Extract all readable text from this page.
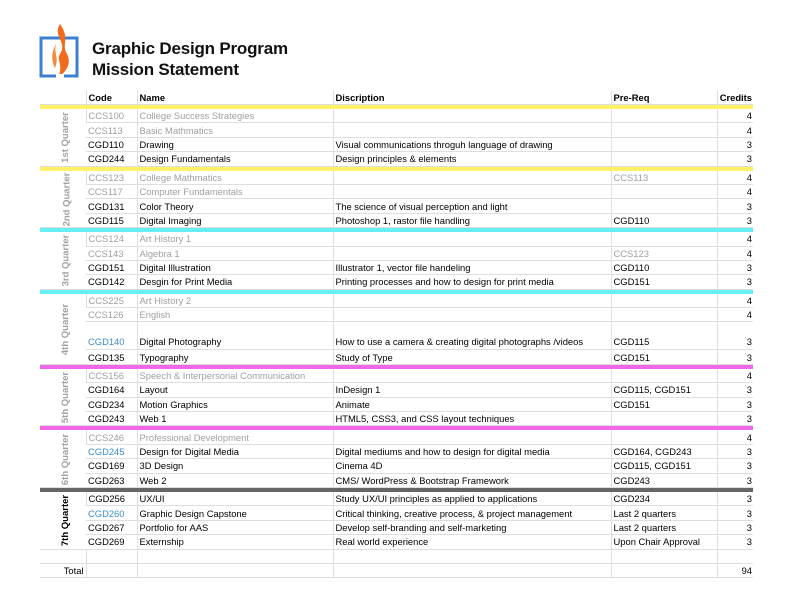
Graphic Design Program
Mission Statement
	Code	Name	Discription	Pre-Req	Credits

1st Quarter	CCS100	College Success Strategies			4
	CCS113	Basic Mathmatics			4
	CGD110	Drawing	Visual communications throguh language of drawing		3
	CGD244	Design Fundamentals	Design principles & elements		3

2nd Quarter	CCS123	College Mathmatics		CCS113	4
	CCS117	Computer Fundamentals			4
	CGD131	Color Theory	The science of visual perception and light		3
	CGD115	Digital Imaging	Photoshop 1, rastor file handling	CGD110	3

3rd Quarter	CCS124	Art History 1			4
	CCS143	Algebra 1		CCS123	4
	CGD151	Digital Illustration	Illustrator 1, vector file handeling	CGD110	3
	CGD142	Desgin for Print Media	Printing processes and how to design for print media	CGD151	3

4th Quarter	CCS225	Art History 2			4
	CCS126	English			4
	CGD140	Digital Photography	How to use a camera & creating digital photographs /videos	CGD115	3
	CGD135	Typography	Study of Type	CGD151	3

5th Quarter	CCS156	Speech & Interpersonal Communication			4
	CGD164	Layout	InDesign 1	CGD115, CGD151	3
	CGD234	Motion Graphics	Animate	CGD151	3
	CGD243	Web 1	HTML5, CSS3, and CSS layout techniques		3

6th Quarter	CCS246	Professional Development			4
	CGD245	Design for Digital Media	Digital mediums and how to design for digital media	CGD164, CGD243	3
	CGD169	3D Design	Cinema 4D	CGD115, CGD151	3
	CGD263	Web 2	CMS/ WordPress & Bootstrap Framework	CGD243	3

7th Quarter	CGD256	UX/UI	Study UX/UI principles as applied to applications	CGD234	3
	CGD260	Graphic Design Capstone	Critical thinking, creative process, & project management	Last 2 quarters	3
	CGD267	Portfolio for AAS	Develop self-branding and self-marketing	Last 2 quarters	3
	CGD269	Externship	Real world experience	Upon Chair Approval	3

Total					94
